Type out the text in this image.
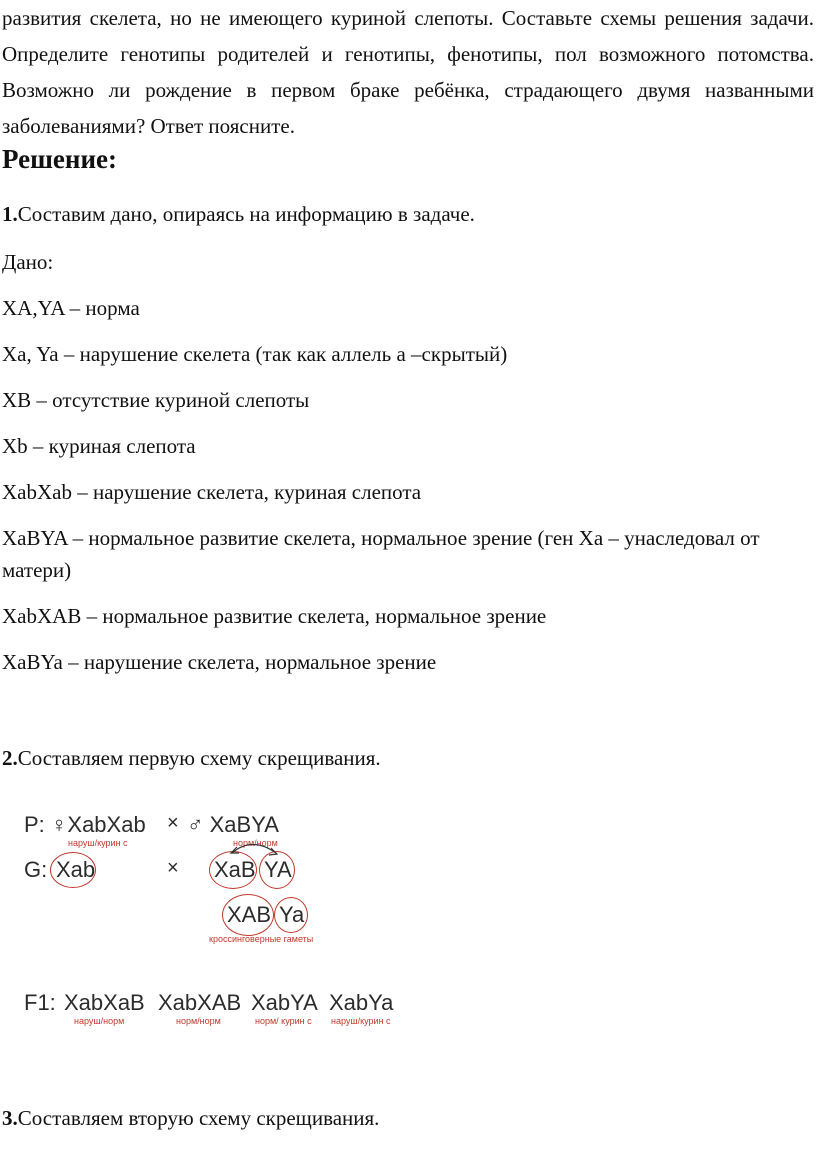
развития скелета, но не имеющего куриной слепоты. Составьте схемы решения задачи. Определите генотипы родителей и генотипы, фенотипы, пол возможного потомства. Возможно ли рождение в первом браке ребёнка, страдающего двумя названными заболеваниями? Ответ поясните.
Решение:
1.Составим дано, опираясь на информацию в задаче.
Дано:
XA,YA – норма
Xa, Ya – нарушение скелета (так как аллель а –скрытый)
XB – отсутствие куриной слепоты
Xb – куриная слепота
XabXab – нарушение скелета, куриная слепота
XaBYA – нормальное развитие скелета, нормальное зрение (ген Xa – унаследовал от матери)
XabXAB – нормальное развитие скелета, нормальное зрение
XaBYa – нарушение скелета, нормальное зрение
2.Составляем первую схему скрещивания.
P: ♀XabXab × ♂ XaBYA
наруш/курин с	норм/норм
G: Xab	× XaB YA
XAB Ya
кроссинговерные гаметы
F1: XabXaB
наруш/норм
XabXAB
норм/норм
XabYA
норм/ курин с
XabYa
наруш/курин с
3.Составляем вторую схему скрещивания.
